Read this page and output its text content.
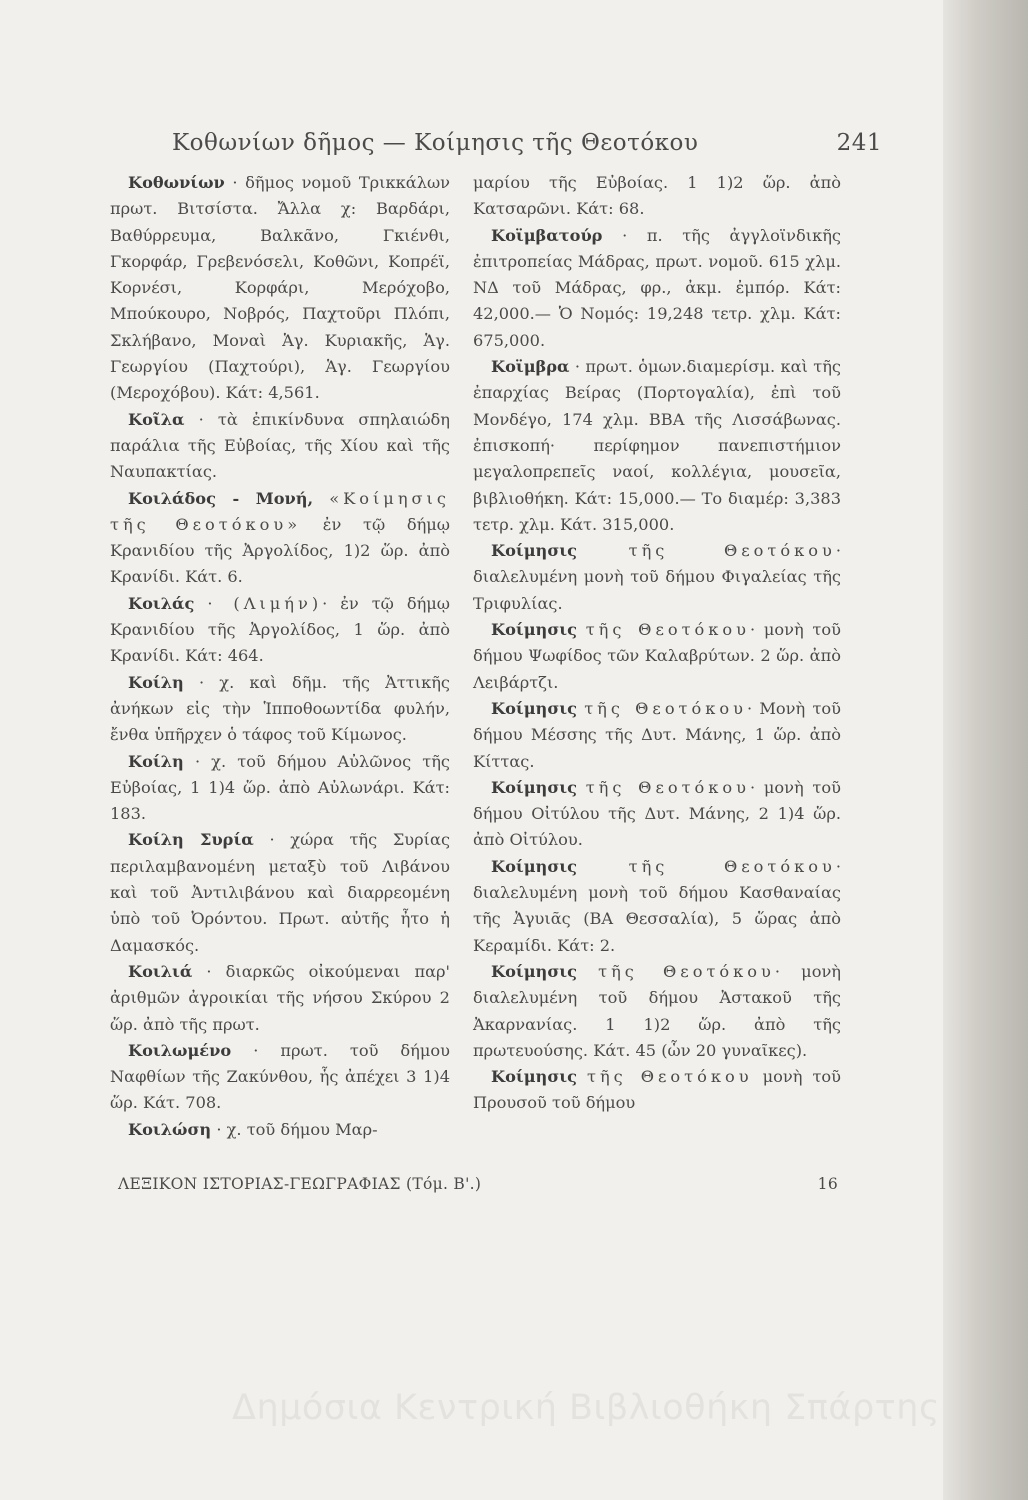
Κοθωνίων δῆμος — Κοίμησις τῆς Θεοτόκου	241

Κοθωνίων · δῆμος νομοῦ Τρικκάλων πρωτ. Βιτσίστα. Ἄλλα χ: Βαρδάρι, Βαθύρρευμα, Βαλκᾶνο, Γκιένθι, Γκορφάρ, Γρεβενόσελι, Κοθῶνι, Κοπρέϊ, Κορνέσι, Κορφάρι, Μερόχοβο, Μπούκουρο, Νοβρός, Παχτοῦρι Πλόπι, Σκλήβανο, Μοναὶ Ἁγ. Κυριακῆς, Ἁγ. Γεωργίου (Παχτούρι), Ἁγ. Γεωργίου (Μεροχόβου). Κάτ: 4,561.

Κοῖλα · τὰ ἐπικίνδυνα σπηλαιώδη παράλια τῆς Εὐβοίας, τῆς Χίου καὶ τῆς Ναυπακτίας.

Κοιλάδος - Μονή, «Κοίμησις τῆς Θεοτόκου» ἐν τῷ δήμῳ Κρανιδίου τῆς Ἀργολίδος, 1)2 ὥρ. ἀπὸ Κρανίδι. Κάτ. 6.

Κοιλάς · (Λιμήν)· ἐν τῷ δήμῳ Κρανιδίου τῆς Ἀργολίδος, 1 ὥρ. ἀπὸ Κρανίδι. Κάτ: 464.

Κοίλη · χ. καὶ δῆμ. τῆς Ἀττικῆς ἀνήκων εἰς τὴν Ἱπποθοωντίδα φυλήν, ἔνθα ὑπῆρχεν ὁ τάφος τοῦ Κίμωνος.

Κοίλη · χ. τοῦ δήμου Αὐλῶνος τῆς Εὐβοίας, 1 1)4 ὥρ. ἀπὸ Αὐλωνάρι. Κάτ: 183.

Κοίλη Συρία · χώρα τῆς Συρίας περιλαμβανομένη μεταξὺ τοῦ Λιβάνου καὶ τοῦ Ἀντιλιβάνου καὶ διαρρεομένη ὑπὸ τοῦ Ὀρόντου. Πρωτ. αὐτῆς ἦτο ἡ Δαμασκός.

Κοιλιά · διαρκῶς οἰκούμεναι παρ' ἀριθμῶν ἀγροικίαι τῆς νήσου Σκύρου 2 ὥρ. ἀπὸ τῆς πρωτ.

Κοιλωμένο · πρωτ. τοῦ δήμου Ναφθίων τῆς Ζακύνθου, ἧς ἀπέχει 3 1)4 ὥρ. Κάτ. 708.

Κοιλώση · χ. τοῦ δήμου Μαρ-

μαρίου τῆς Εὐβοίας. 1 1)2 ὥρ. ἀπὸ Κατσαρῶνι. Κάτ: 68.

Κοϊμβατούρ · π. τῆς ἀγγλοϊνδικῆς ἐπιτροπείας Μάδρας, πρωτ. νομοῦ. 615 χλμ. ΝΔ τοῦ Μάδρας, φρ., ἀκμ. ἐμπόρ. Κάτ: 42,000.— Ὁ Νομός: 19,248 τετρ. χλμ. Κάτ: 675,000.

Κοϊμβρα · πρωτ. ὁμων.διαμερίσμ. καὶ τῆς ἐπαρχίας Βείρας (Πορτογαλία), ἐπὶ τοῦ Μονδέγο, 174 χλμ. ΒΒΑ τῆς Λισσάβωνας. ἐπισκοπή· περίφημον πανεπιστήμιον μεγαλοπρεπεῖς ναοί, κολλέγια, μουσεῖα, βιβλιοθήκη. Κάτ: 15,000.— Το διαμέρ: 3,383 τετρ. χλμ. Κάτ. 315,000.

Κοίμησις	τῆς Θεοτόκου· διαλελυμένη μονὴ τοῦ δήμου Φιγαλείας τῆς Τριφυλίας.

Κοίμησις τῆς Θεοτόκου· μονὴ τοῦ δήμου Ψωφίδος τῶν Καλαβρύτων. 2 ὥρ. ἀπὸ Λειβάρτζι.

Κοίμησις τῆς Θεοτόκου· Μονὴ τοῦ δήμου Μέσσης τῆς Δυτ. Μάνης, 1 ὥρ. ἀπὸ Κίττας.

Κοίμησις τῆς Θεοτόκου· μονὴ τοῦ δήμου Οἰτύλου τῆς Δυτ. Μάνης, 2 1)4 ὥρ. ἀπὸ Οἰτύλου.

Κοίμησις	τῆς Θεοτόκου· διαλελυμένη μονὴ τοῦ δήμου Κασθαναίας τῆς Ἀγυιᾶς (ΒΑ Θεσσαλία), 5 ὥρας ἀπὸ Κεραμίδι. Κάτ: 2.

Κοίμησις τῆς Θεοτόκου· μονὴ διαλελυμένη τοῦ δήμου Ἀστακοῦ τῆς Ἀκαρνανίας. 1 1)2 ὥρ. ἀπὸ τῆς πρωτευούσης. Κάτ. 45 (ὧν 20 γυναῖκες).

Κοίμησις τῆς Θεοτόκου μονὴ τοῦ Προυσοῦ τοῦ δήμου

ΛΕΞΙΚΟΝ ΙΣΤΟΡΙΑΣ-ΓΕΩΓΡΑΦΙΑΣ (Τόμ. Β'.)	16
Δημόσια Κεντρική Βιβλιοθήκη Σπάρτης
